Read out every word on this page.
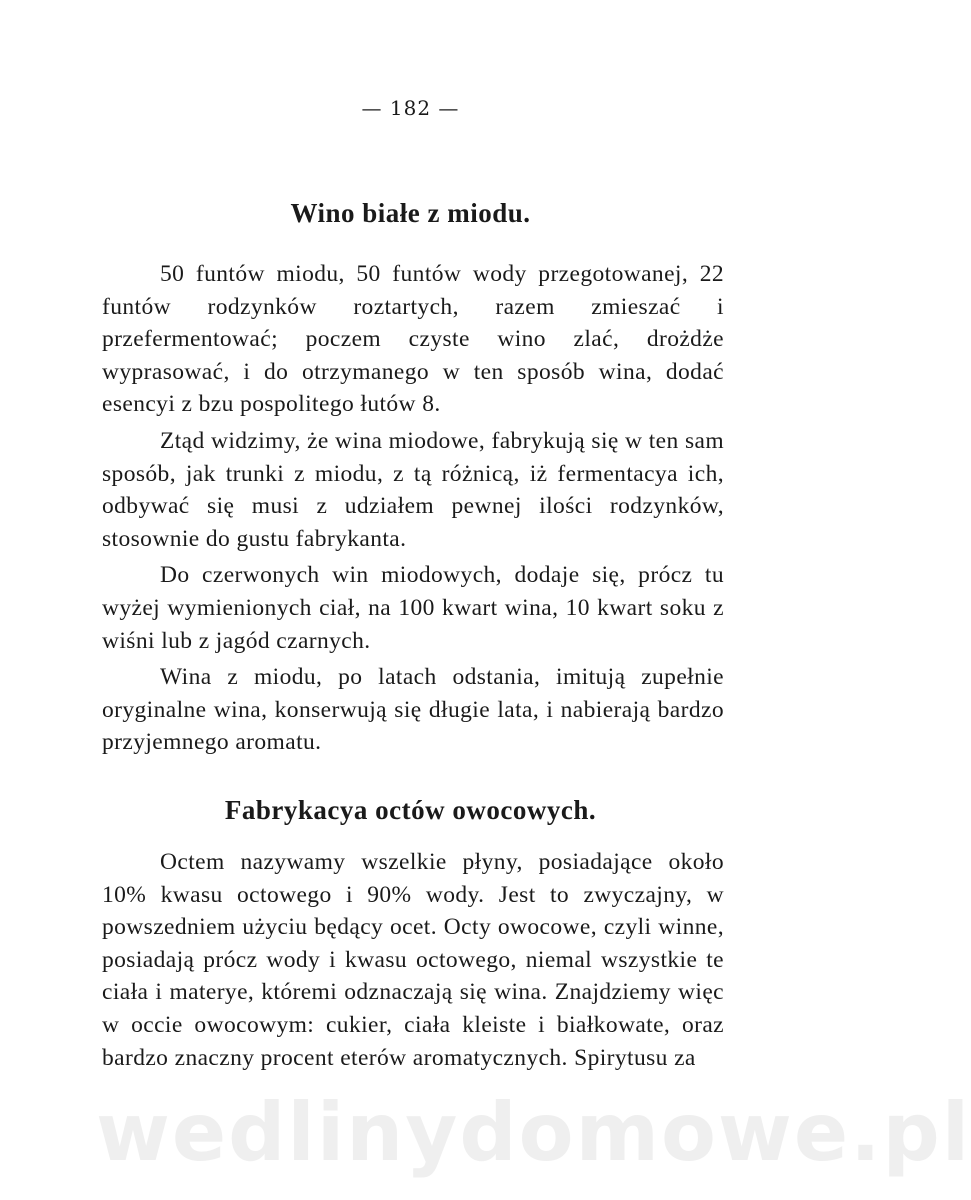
— 182 —
Wino białe z miodu.

50 funtów miodu, 50 funtów wody przegotowanej, 22 funtów rodzynków roztartych, razem zmieszać i przefermentować; poczem czyste wino zlać, drożdże wyprasować, i do otrzymanego w ten sposób wina, dodać esencyi z bzu pospolitego łutów 8.

Ztąd widzimy, że wina miodowe, fabrykują się w ten sam sposób, jak trunki z miodu, z tą różnicą, iż fermentacya ich, odbywać się musi z udziałem pewnej ilości rodzynków, stosownie do gustu fabrykanta.

Do czerwonych win miodowych, dodaje się, prócz tu wyżej wymienionych ciał, na 100 kwart wina, 10 kwart soku z wiśni lub z jagód czarnych.

Wina z miodu, po latach odstania, imitują zupełnie oryginalne wina, konserwują się długie lata, i nabierają bardzo przyjemnego aromatu.

Fabrykacya octów owocowych.

Octem nazywamy wszelkie płyny, posiadające około 10% kwasu octowego i 90% wody. Jest to zwyczajny, w powszedniem użyciu będący ocet. Octy owocowe, czyli winne, posiadają prócz wody i kwasu octowego, niemal wszystkie te ciała i materye, któremi odznaczają się wina. Znajdziemy więc w occie owocowym: cukier, ciała kleiste i białkowate, oraz bardzo znaczny procent eterów aromatycznych. Spirytusu za

wedlinydomowe.pl
